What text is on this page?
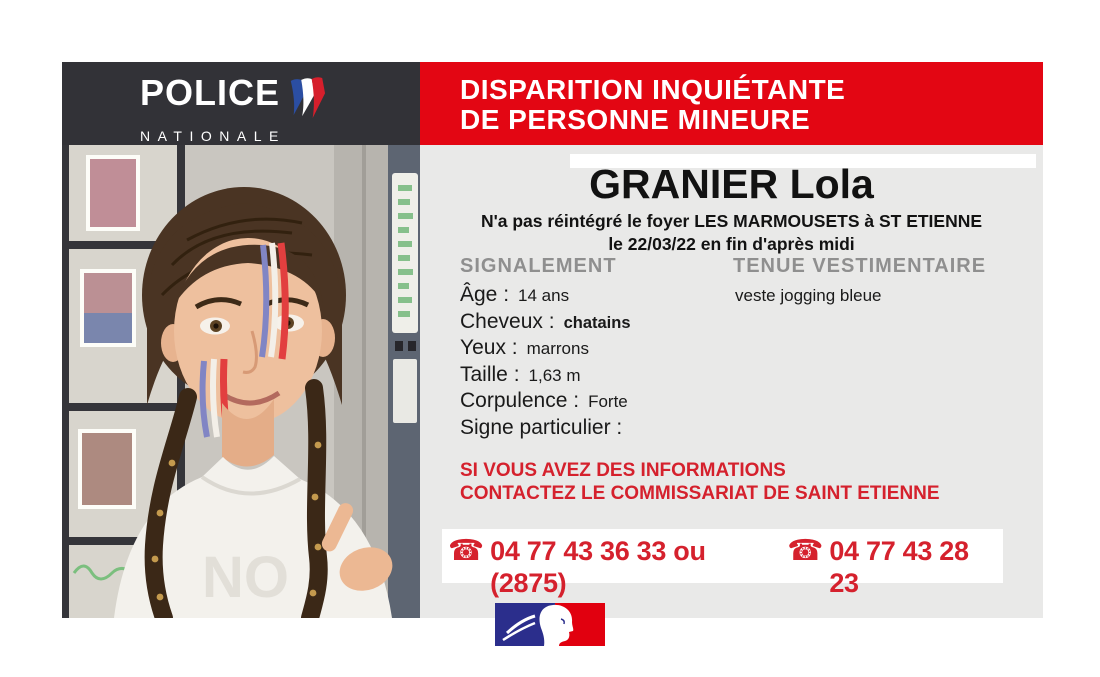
POLICE
NATIONALE
DISPARITION INQUIÉTANTE
DE PERSONNE MINEURE
NO
GRANIER Lola
N'a pas réintégré le foyer LES MARMOUSETS à ST ETIENNE
le 22/03/22 en fin d'après midi
SIGNALEMENT	TENUE VESTIMENTAIRE
veste jogging bleue
Âge : 14 ans
Cheveux : chatains
Yeux : marrons
Taille : 1,63 m
Corpulence : Forte
Signe particulier :
SI VOUS AVEZ DES INFORMATIONS
CONTACTEZ LE COMMISSARIAT DE SAINT ETIENNE
☎ 04 77 43 36 33 ou (2875)
☎ 04 77 43 28 23
